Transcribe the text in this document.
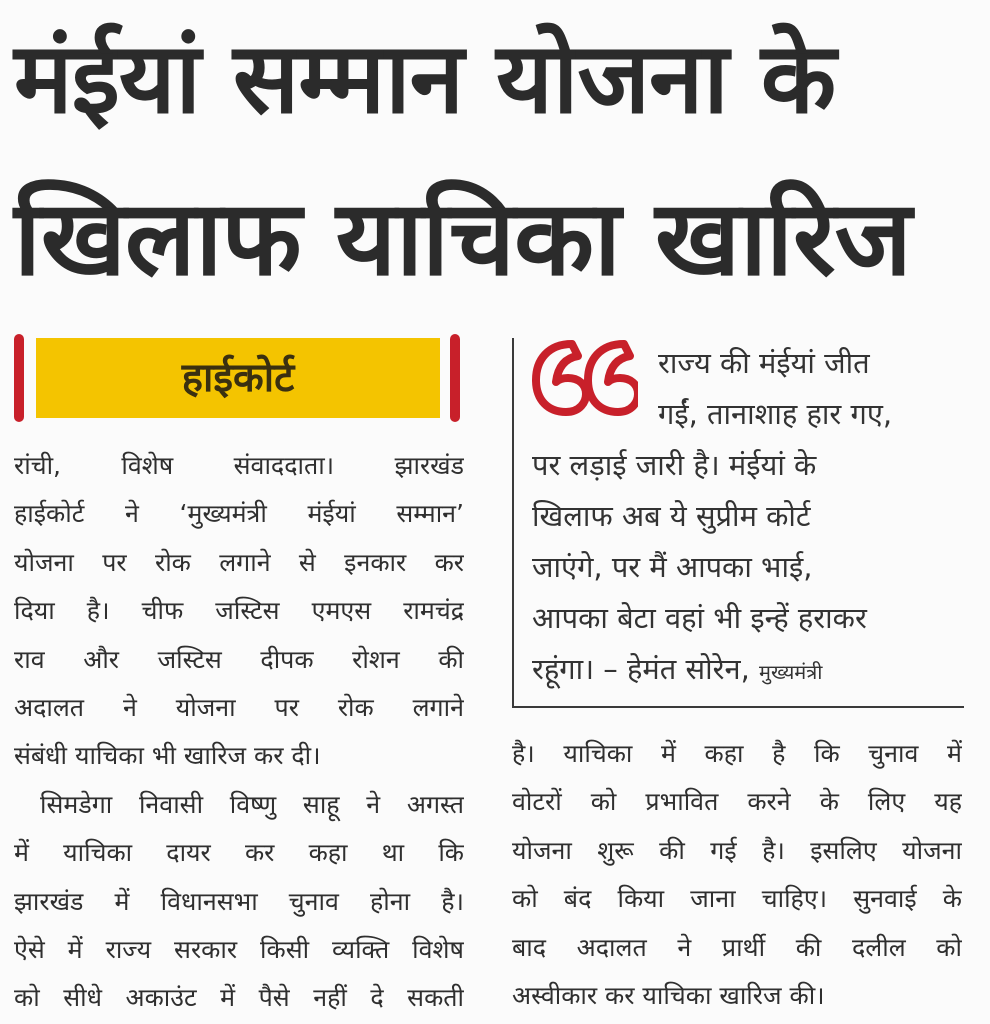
मंईयां सम्मान योजना के
खिलाफ याचिका खारिज
हाईकोर्ट
रांची, विशेष संवाददाता। झारखंड
हाईकोर्ट ने ‘मुख्यमंत्री मंईयां सम्मान’
योजना पर रोक लगाने से इनकार कर
दिया है। चीफ जस्टिस एमएस रामचंद्र
राव और जस्टिस दीपक रोशन की
अदालत ने योजना पर रोक लगाने
संबंधी याचिका भी खारिज कर दी।
सिमडेगा निवासी विष्णु साहू ने अगस्त
में याचिका दायर कर कहा था कि
झारखंड में विधानसभा चुनाव होना है।
ऐसे में राज्य सरकार किसी व्यक्ति विशेष
को सीधे अकाउंट में पैसे नहीं दे सकती
राज्य की मंईयां जीत
गईं, तानाशाह हार गए,
पर लड़ाई जारी है। मंईयां के
खिलाफ अब ये सुप्रीम कोर्ट
जाएंगे, पर मैं आपका भाई,
आपका बेटा वहां भी इन्हें हराकर
रहूंगा। – हेमंत सोरेन, मुख्यमंत्री
है। याचिका में कहा है कि चुनाव में
वोटरों को प्रभावित करने के लिए यह
योजना शुरू की गई है। इसलिए योजना
को बंद किया जाना चाहिए। सुनवाई के
बाद अदालत ने प्रार्थी की दलील को
अस्वीकार कर याचिका खारिज की।
